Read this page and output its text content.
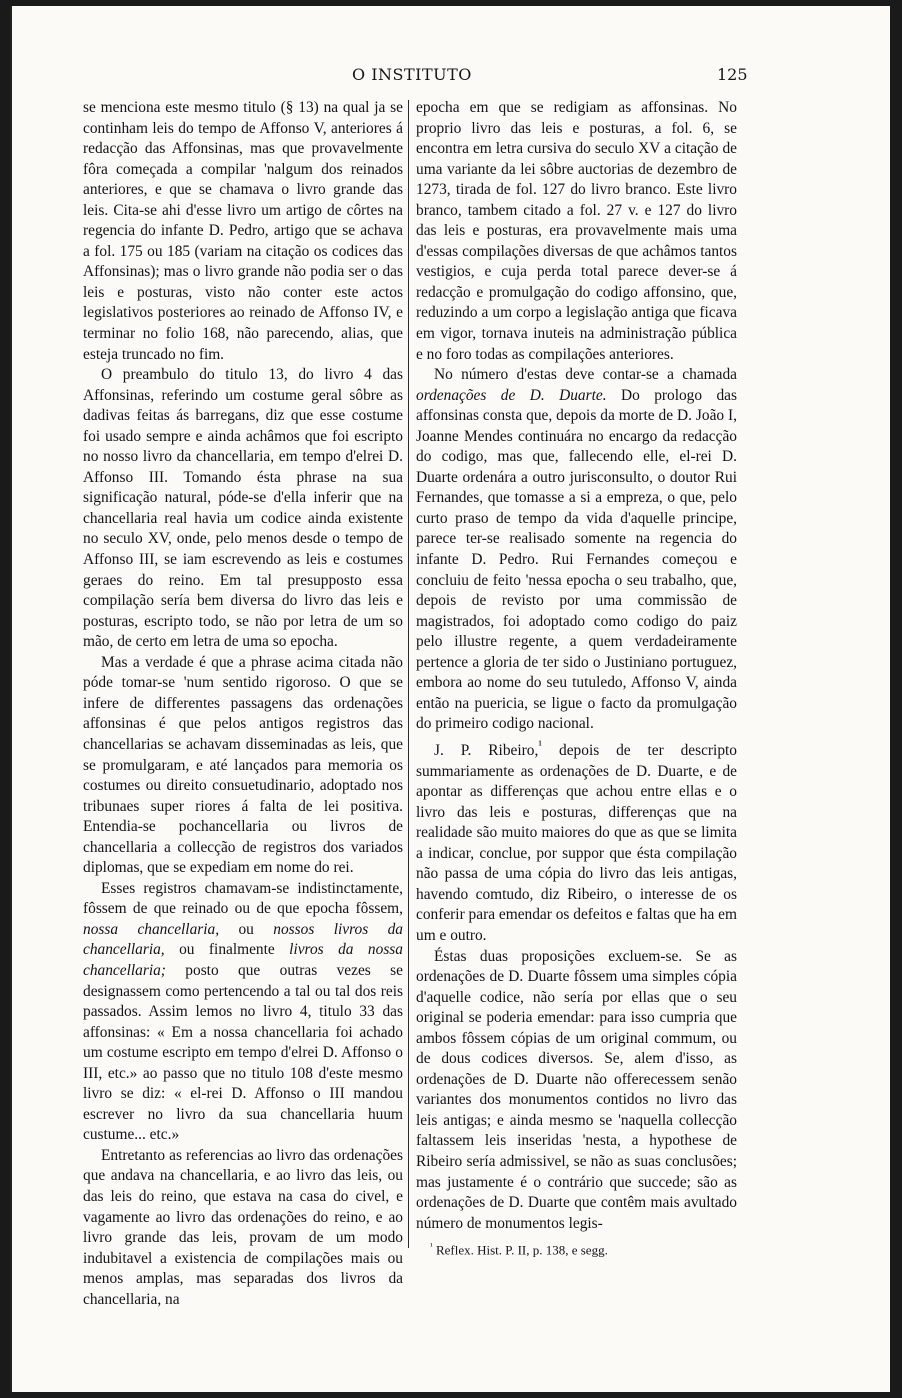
O INSTITUTO	125

se menciona este mesmo titulo (§ 13) na qual ja se continham leis do tempo de Affonso V, anteriores á redacção das Affonsinas, mas que provavelmente fôra começada a compilar 'nalgum dos reinados anteriores, e que se chamava o livro grande das leis. Cita-se ahi d'esse livro um artigo de côrtes na regencia do infante D. Pedro, artigo que se achava a fol. 175 ou 185 (variam na citação os codices das Affonsinas); mas o livro grande não podia ser o das leis e posturas, visto não conter este actos legislativos posteriores ao reinado de Affonso IV, e terminar no folio 168, não parecendo, alias, que esteja truncado no fim.

O preambulo do titulo 13, do livro 4 das Affonsinas, referindo um costume geral sôbre as dadivas feitas ás barregans, diz que esse costume foi usado sempre e ainda achâmos que foi escripto no nosso livro da chancellaria, em tempo d'elrei D. Affonso III. Tomando ésta phrase na sua significação natural, póde-se d'ella inferir que na chancellaria real havia um codice ainda existente no seculo XV, onde, pelo menos desde o tempo de Affonso III, se iam escrevendo as leis e costumes geraes do reino. Em tal presupposto essa compilação sería bem diversa do livro das leis e posturas, escripto todo, se não por letra de um so mão, de certo em letra de uma so epocha.

Mas a verdade é que a phrase acima citada não póde tomar-se 'num sentido rigoroso. O que se infere de differentes passagens das ordenações affonsinas é que pelos antigos registros das chancellarias se achavam disseminadas as leis, que se promulgaram, e até lançados para memoria os costumes ou direito consuetudinario, adoptado nos tribunaes super riores á falta de lei positiva. Entendia-se pochancellaria ou livros de chancellaria a collecção de registros dos variados diplomas, que se expediam em nome do rei.

Esses registros chamavam-se indistinctamente, fôssem de que reinado ou de que epocha fôssem, nossa chancellaria, ou nossos livros da chancellaria, ou finalmente livros da nossa chancellaria; posto que outras vezes se designassem como pertencendo a tal ou tal dos reis passados. Assim lemos no livro 4, titulo 33 das affonsinas: « Em a nossa chancellaria foi achado um costume escripto em tempo d'elrei D. Affonso o III, etc.» ao passo que no titulo 108 d'este mesmo livro se diz: « el-rei D. Affonso o III mandou escrever no livro da sua chancellaria huum custume... etc.»

Entretanto as referencias ao livro das ordenações que andava na chancellaria, e ao livro das leis, ou das leis do reino, que estava na casa do civel, e vagamente ao livro das ordenações do reino, e ao livro grande das leis, provam de um modo indubitavel a existencia de compilações mais ou menos amplas, mas separadas dos livros da chancellaria, na

epocha em que se redigiam as affonsinas. No proprio livro das leis e posturas, a fol. 6, se encontra em letra cursiva do seculo XV a citação de uma variante da lei sôbre auctorias de dezembro de 1273, tirada de fol. 127 do livro branco. Este livro branco, tambem citado a fol. 27 v. e 127 do livro das leis e posturas, era provavelmente mais uma d'essas compilações diversas de que achâmos tantos vestigios, e cuja perda total parece dever-se á redacção e promulgação do codigo affonsino, que, reduzindo a um corpo a legislação antiga que ficava em vigor, tornava inuteis na administração pública e no foro todas as compilações anteriores.

No número d'estas deve contar-se a chamada ordenações de D. Duarte. Do prologo das affonsinas consta que, depois da morte de D. João I, Joanne Mendes continuára no encargo da redacção do codigo, mas que, fallecendo elle, el-rei D. Duarte ordenára a outro jurisconsulto, o doutor Rui Fernandes, que tomasse a si a empreza, o que, pelo curto praso de tempo da vida d'aquelle principe, parece ter-se realisado somente na regencia do infante D. Pedro. Rui Fernandes começou e concluiu de feito 'nessa epocha o seu trabalho, que, depois de revisto por uma commissão de magistrados, foi adoptado como codigo do paiz pelo illustre regente, a quem verdadeiramente pertence a gloria de ter sido o Justiniano portuguez, embora ao nome do seu tutuledo, Affonso V, ainda então na puericia, se ligue o facto da promulgação do primeiro codigo nacional.

J. P. Ribeiro,$^{^1}$ depois de ter descripto summariamente as ordenações de D. Duarte, e de apontar as differenças que achou entre ellas e o livro das leis e posturas, differenças que na realidade são muito maiores do que as que se limita a indicar, conclue, por suppor que ésta compilação não passa de uma cópia do livro das leis antigas, havendo comtudo, diz Ribeiro, o interesse de os conferir para emendar os defeitos e faltas que ha em um e outro.

Éstas duas proposições excluem-se. Se as ordenações de D. Duarte fôssem uma simples cópia d'aquelle codice, não sería por ellas que o seu original se poderia emendar: para isso cumpria que ambos fôssem cópias de um original commum, ou de dous codices diversos. Se, alem d'isso, as ordenações de D. Duarte não offerecessem senão variantes dos monumentos contidos no livro das leis antigas; e ainda mesmo se 'naquella collecção faltassem leis inseridas 'nesta, a hypothese de Ribeiro sería admissivel, se não as suas conclusões; mas justamente é o contrário que succede; são as ordenações de D. Duarte que contêm mais avultado número de monumentos legis-

$^{^1}$ Reflex. Hist. P. II, p. 138, e segg.
